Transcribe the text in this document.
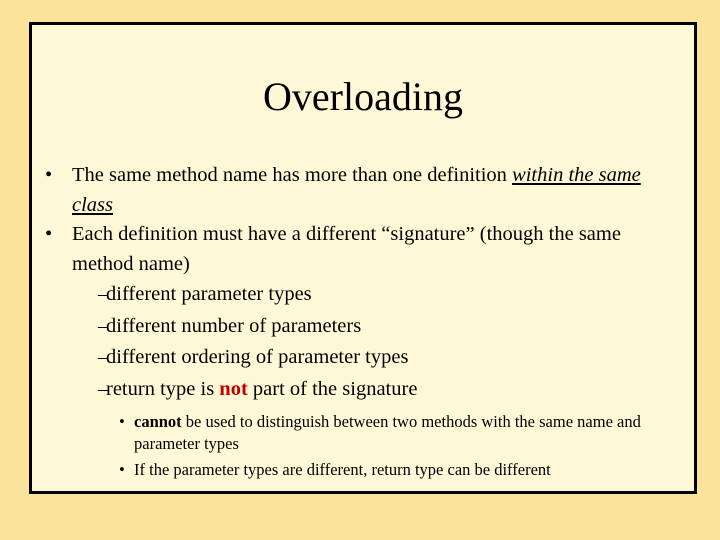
Overloading
• The same method name has more than one definition within the same class
• Each definition must have a different “signature” (though the same method name)
–
different parameter types
–
different number of parameters
–
different ordering of parameter types
–
return type is not part of the signature
• cannot be used to distinguish between two methods with the same name and parameter types
• If the parameter types are different, return type can be different
